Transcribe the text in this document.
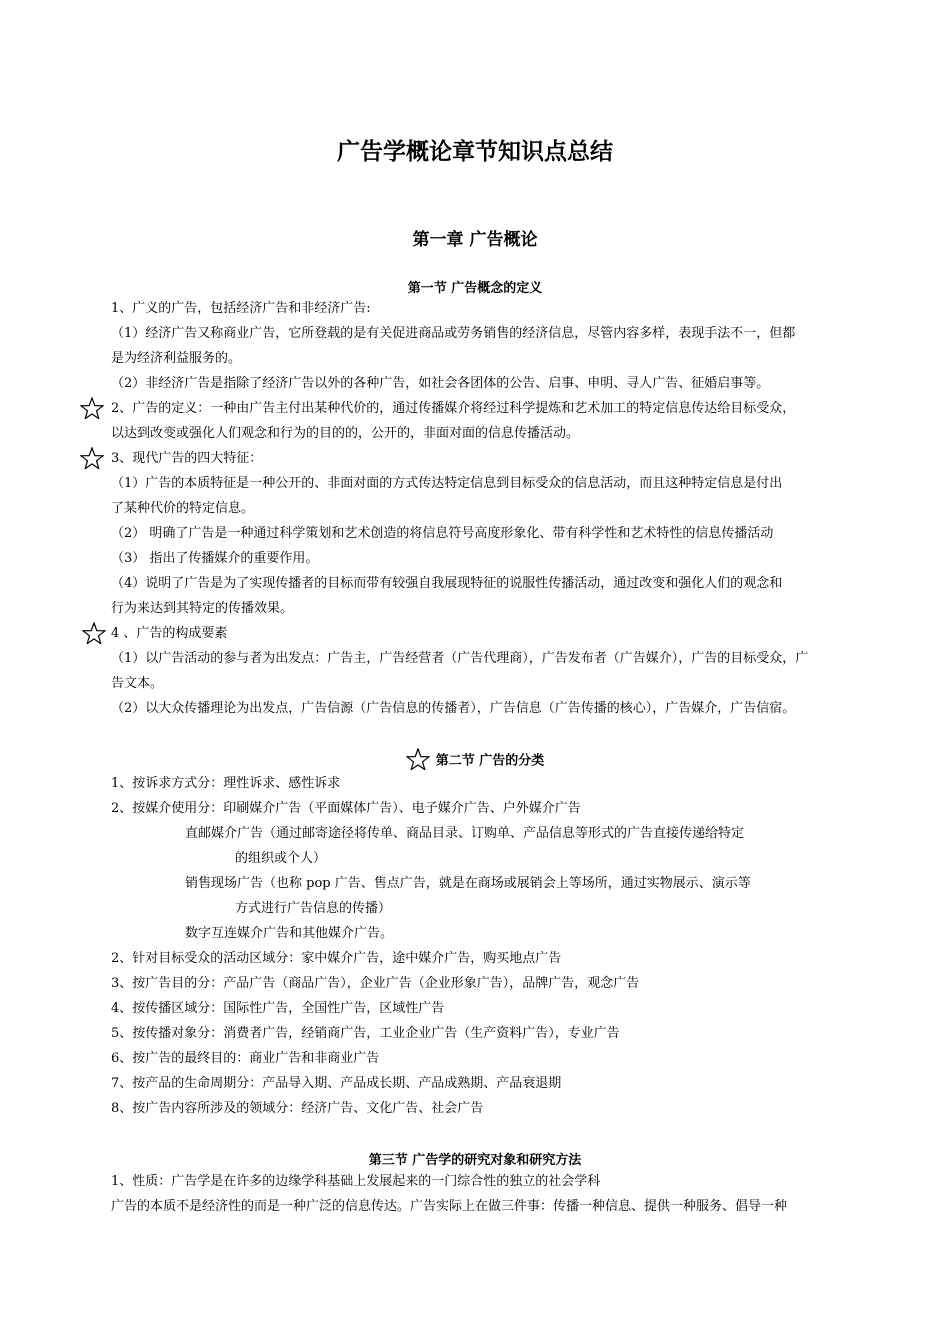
广告学概论章节知识点总结
第一章 广告概论
第一节 广告概念的定义
1、广义的广告，包括经济广告和非经济广告:
（1）经济广告又称商业广告，它所登载的是有关促进商品或劳务销售的经济信息，尽管内容多样，表现手法不一，但都
是为经济利益服务的。
（2）非经济广告是指除了经济广告以外的各种广告，如社会各团体的公告、启事、申明、寻人广告、征婚启事等。
2、广告的定义：一种由广告主付出某种代价的，通过传播媒介将经过科学提炼和艺术加工的特定信息传达给目标受众，
以达到改变或强化人们观念和行为的目的的，公开的，非面对面的信息传播活动。
3、现代广告的四大特征：
（1）广告的本质特征是一种公开的、非面对面的方式传达特定信息到目标受众的信息活动，而且这种特定信息是付出
了某种代价的特定信息。
（2） 明确了广告是一种通过科学策划和艺术创造的将信息符号高度形象化、带有科学性和艺术特性的信息传播活动
（3） 指出了传播媒介的重要作用。
（4）说明了广告是为了实现传播者的目标而带有较强自我展现特征的说服性传播活动，通过改变和强化人们的观念和
行为来达到其特定的传播效果。
4 、广告的构成要素
（1）以广告活动的参与者为出发点：广告主，广告经营者（广告代理商），广告发布者（广告媒介），广告的目标受众，广
告文本。
（2）以大众传播理论为出发点，广告信源（广告信息的传播者），广告信息（广告传播的核心），广告媒介，广告信宿。
第二节 广告的分类
1、按诉求方式分：理性诉求、感性诉求
2、按媒介使用分：印刷媒介广告（平面媒体广告）、电子媒介广告、户外媒介广告
直邮媒介广告（通过邮寄途径将传单、商品目录、订购单、产品信息等形式的广告直接传递给特定
的组织或个人）
销售现场广告（也称 pop 广告、售点广告，就是在商场或展销会上等场所，通过实物展示、演示等
方式进行广告信息的传播）
数字互连媒介广告和其他媒介广告。
2、针对目标受众的活动区域分：家中媒介广告，途中媒介广告，购买地点广告
3、按广告目的分：产品广告（商品广告），企业广告（企业形象广告），品牌广告，观念广告
4、按传播区域分：国际性广告，全国性广告，区域性广告
5、按传播对象分：消费者广告，经销商广告，工业企业广告（生产资料广告），专业广告
6、按广告的最终目的：商业广告和非商业广告
7、按产品的生命周期分：产品导入期、产品成长期、产品成熟期、产品衰退期
8、按广告内容所涉及的领域分：经济广告、文化广告、社会广告
第三节 广告学的研究对象和研究方法
1、性质：广告学是在许多的边缘学科基础上发展起来的一门综合性的独立的社会学科
广告的本质不是经济性的而是一种广泛的信息传达。广告实际上在做三件事：传播一种信息、提供一种服务、倡导一种
